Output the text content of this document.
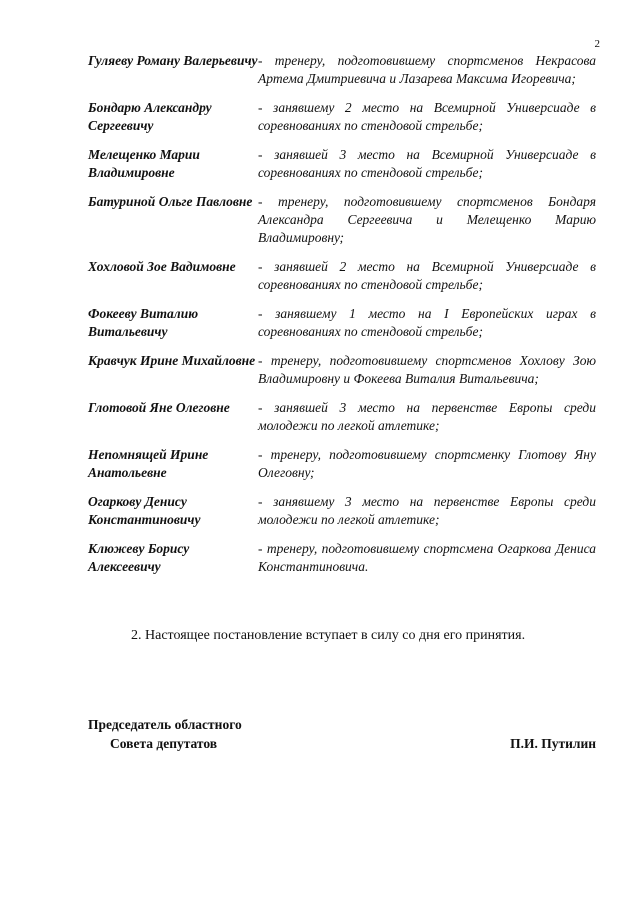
2
Гуляеву Роману Валерьевичу - тренеру, подготовившему спортсменов Некрасова Артема Дмитриевича и Лазарева Максима Игоревича;
Бондарю Александру Сергеевичу
- занявшему 2 место на Всемирной Универсиаде в соревнованиях по стендовой стрельбе;
Мелещенко Марии Владимировне
- занявшей 3 место на Всемирной Универсиаде в соревнованиях по стендовой стрельбе;
Батуриной Ольге Павловне - тренеру, подготовившему спортсменов Бондаря Александра Сергеевича и Мелещенко Марию Владимировну;
Хохловой Зое Вадимовне	- занявшей 2 место на Всемирной Универсиаде в соревнованиях по стендовой стрельбе;
Фокееву Виталию Витальевичу
- занявшему 1 место на I Европейских играх в соревнованиях по стендовой стрельбе;
Кравчук Ирине Михайловне - тренеру, подготовившему спортсменов Хохлову Зою Владимировну и Фокеева Виталия Витальевича;
Глотовой Яне Олеговне	- занявшей 3 место на первенстве Европы среди молодежи по легкой атлетике;
Непомнящей Ирине Анатольевне
- тренеру, подготовившему спортсменку Глотову Яну Олеговну;
Огаркову Денису Константиновичу
- занявшему 3 место на первенстве Европы среди молодежи по легкой атлетике;
Клюжеву Борису Алексеевичу
- тренеру, подготовившему спортсмена Огаркова Дениса Константиновича.
2. Настоящее постановление вступает в силу со дня его принятия.
Председатель областного
Совета депутатов	П.И. Путилин
